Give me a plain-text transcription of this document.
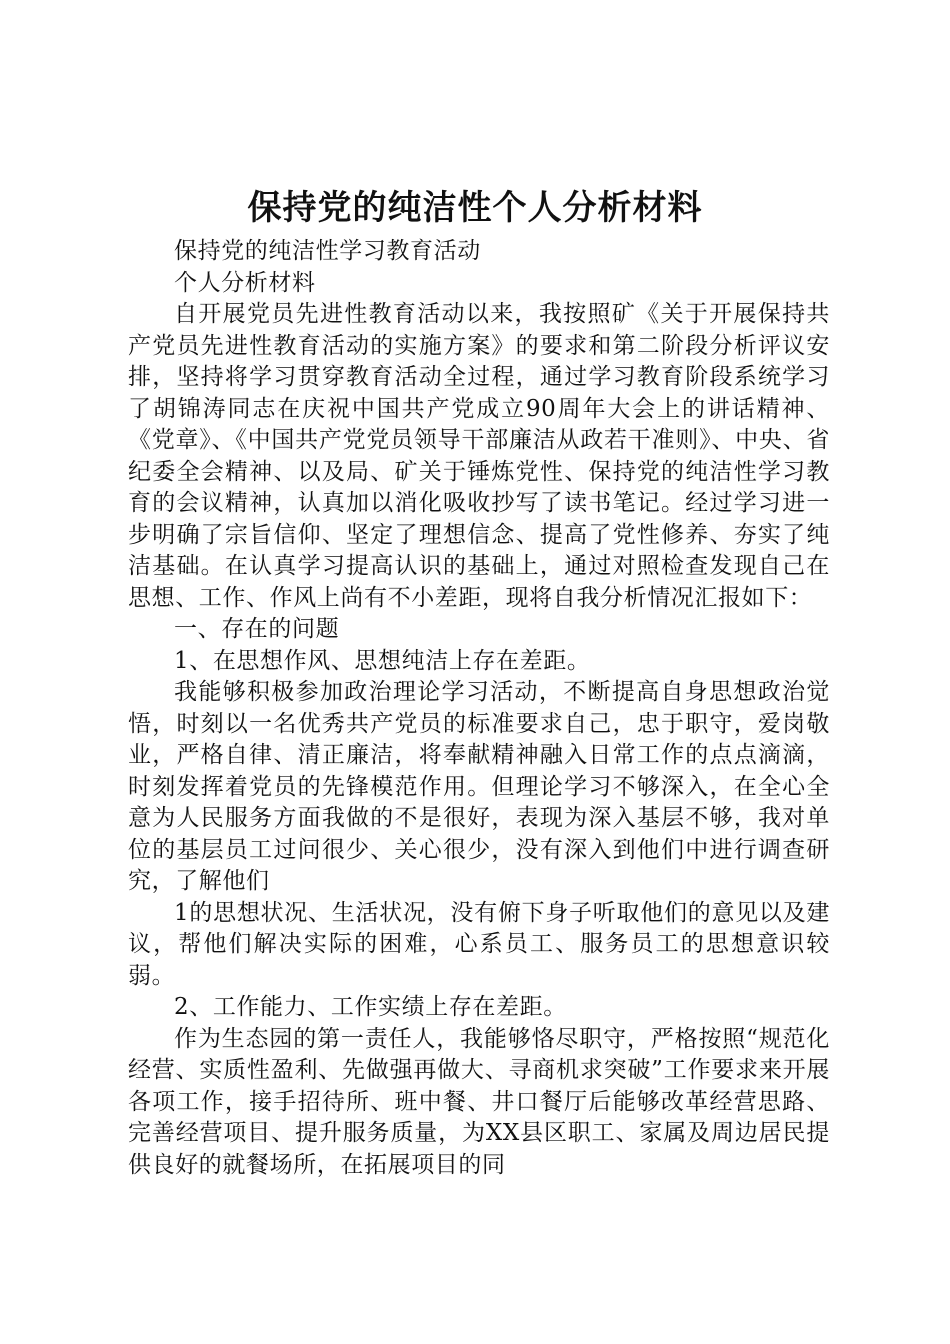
保持党的纯洁性个人分析材料

保持党的纯洁性学习教育活动

个人分析材料

自开展党员先进性教育活动以来，我按照矿《关于开展保持共产党员先进性教育活动的实施方案》的要求和第二阶段分析评议安排，坚持将学习贯穿教育活动全过程，通过学习教育阶段系统学习了胡锦涛同志在庆祝中国共产党成立90周年大会上的讲话精神、《党章》、《中国共产党党员领导干部廉洁从政若干准则》、中央、省纪委全会精神、以及局、矿关于锤炼党性、保持党的纯洁性学习教育的会议精神，认真加以消化吸收抄写了读书笔记。经过学习进一步明确了宗旨信仰、坚定了理想信念、提高了党性修养、夯实了纯洁基础。在认真学习提高认识的基础上，通过对照检查发现自己在思想、工作、作风上尚有不小差距，现将自我分析情况汇报如下：

一、存在的问题

1、在思想作风、思想纯洁上存在差距。

我能够积极参加政治理论学习活动，不断提高自身思想政治觉悟，时刻以一名优秀共产党员的标准要求自己，忠于职守，爱岗敬业，严格自律、清正廉洁，将奉献精神融入日常工作的点点滴滴，时刻发挥着党员的先锋模范作用。但理论学习不够深入，在全心全意为人民服务方面我做的不是很好，表现为深入基层不够，我对单位的基层员工过问很少、关心很少，没有深入到他们中进行调查研究，了解他们

1的思想状况、生活状况，没有俯下身子听取他们的意见以及建议，帮他们解决实际的困难，心系员工、服务员工的思想意识较弱。

2、工作能力、工作实绩上存在差距。

作为生态园的第一责任人，我能够恪尽职守，严格按照“规范化经营、实质性盈利、先做强再做大、寻商机求突破”工作要求来开展各项工作，接手招待所、班中餐、井口餐厅后能够改革经营思路、完善经营项目、提升服务质量，为XX县区职工、家属及周边居民提供良好的就餐场所，在拓展项目的同
